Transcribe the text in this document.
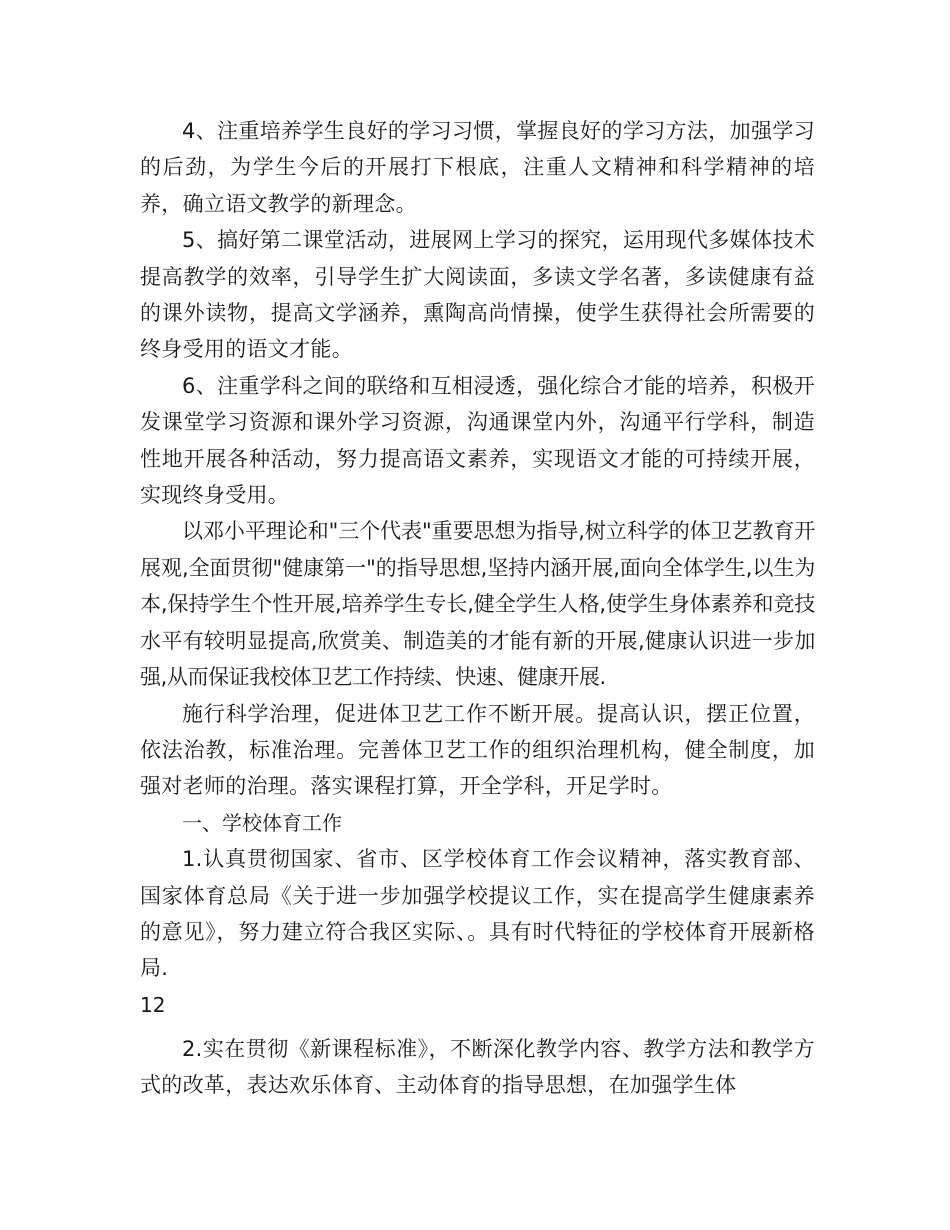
4、注重培养学生良好的学习习惯，掌握良好的学习方法，加强学习的后劲，为学生今后的开展打下根底，注重人文精神和科学精神的培养，确立语文教学的新理念。

5、搞好第二课堂活动，进展网上学习的探究，运用现代多媒体技术提高教学的效率，引导学生扩大阅读面，多读文学名著，多读健康有益的课外读物，提高文学涵养，熏陶高尚情操，使学生获得社会所需要的终身受用的语文才能。

6、注重学科之间的联络和互相浸透，强化综合才能的培养，积极开发课堂学习资源和课外学习资源，沟通课堂内外，沟通平行学科，制造性地开展各种活动，努力提高语文素养，实现语文才能的可持续开展，实现终身受用。

以邓小平理论和"三个代表"重要思想为指导,树立科学的体卫艺教育开展观,全面贯彻"健康第一"的指导思想,坚持内涵开展,面向全体学生,以生为本,保持学生个性开展,培养学生专长,健全学生人格,使学生身体素养和竞技水平有较明显提高,欣赏美、制造美的才能有新的开展,健康认识进一步加强,从而保证我校体卫艺工作持续、快速、健康开展.

施行科学治理，促进体卫艺工作不断开展。提高认识，摆正位置，依法治教，标准治理。完善体卫艺工作的组织治理机构，健全制度，加强对老师的治理。落实课程打算，开全学科，开足学时。

一、学校体育工作

1.认真贯彻国家、省市、区学校体育工作会议精神，落实教育部、国家体育总局《关于进一步加强学校提议工作，实在提高学生健康素养的意见》，努力建立符合我区实际、。具有时代特征的学校体育开展新格局.

12

2.实在贯彻《新课程标准》，不断深化教学内容、教学方法和教学方式的改革，表达欢乐体育、主动体育的指导思想，在加强学生体
